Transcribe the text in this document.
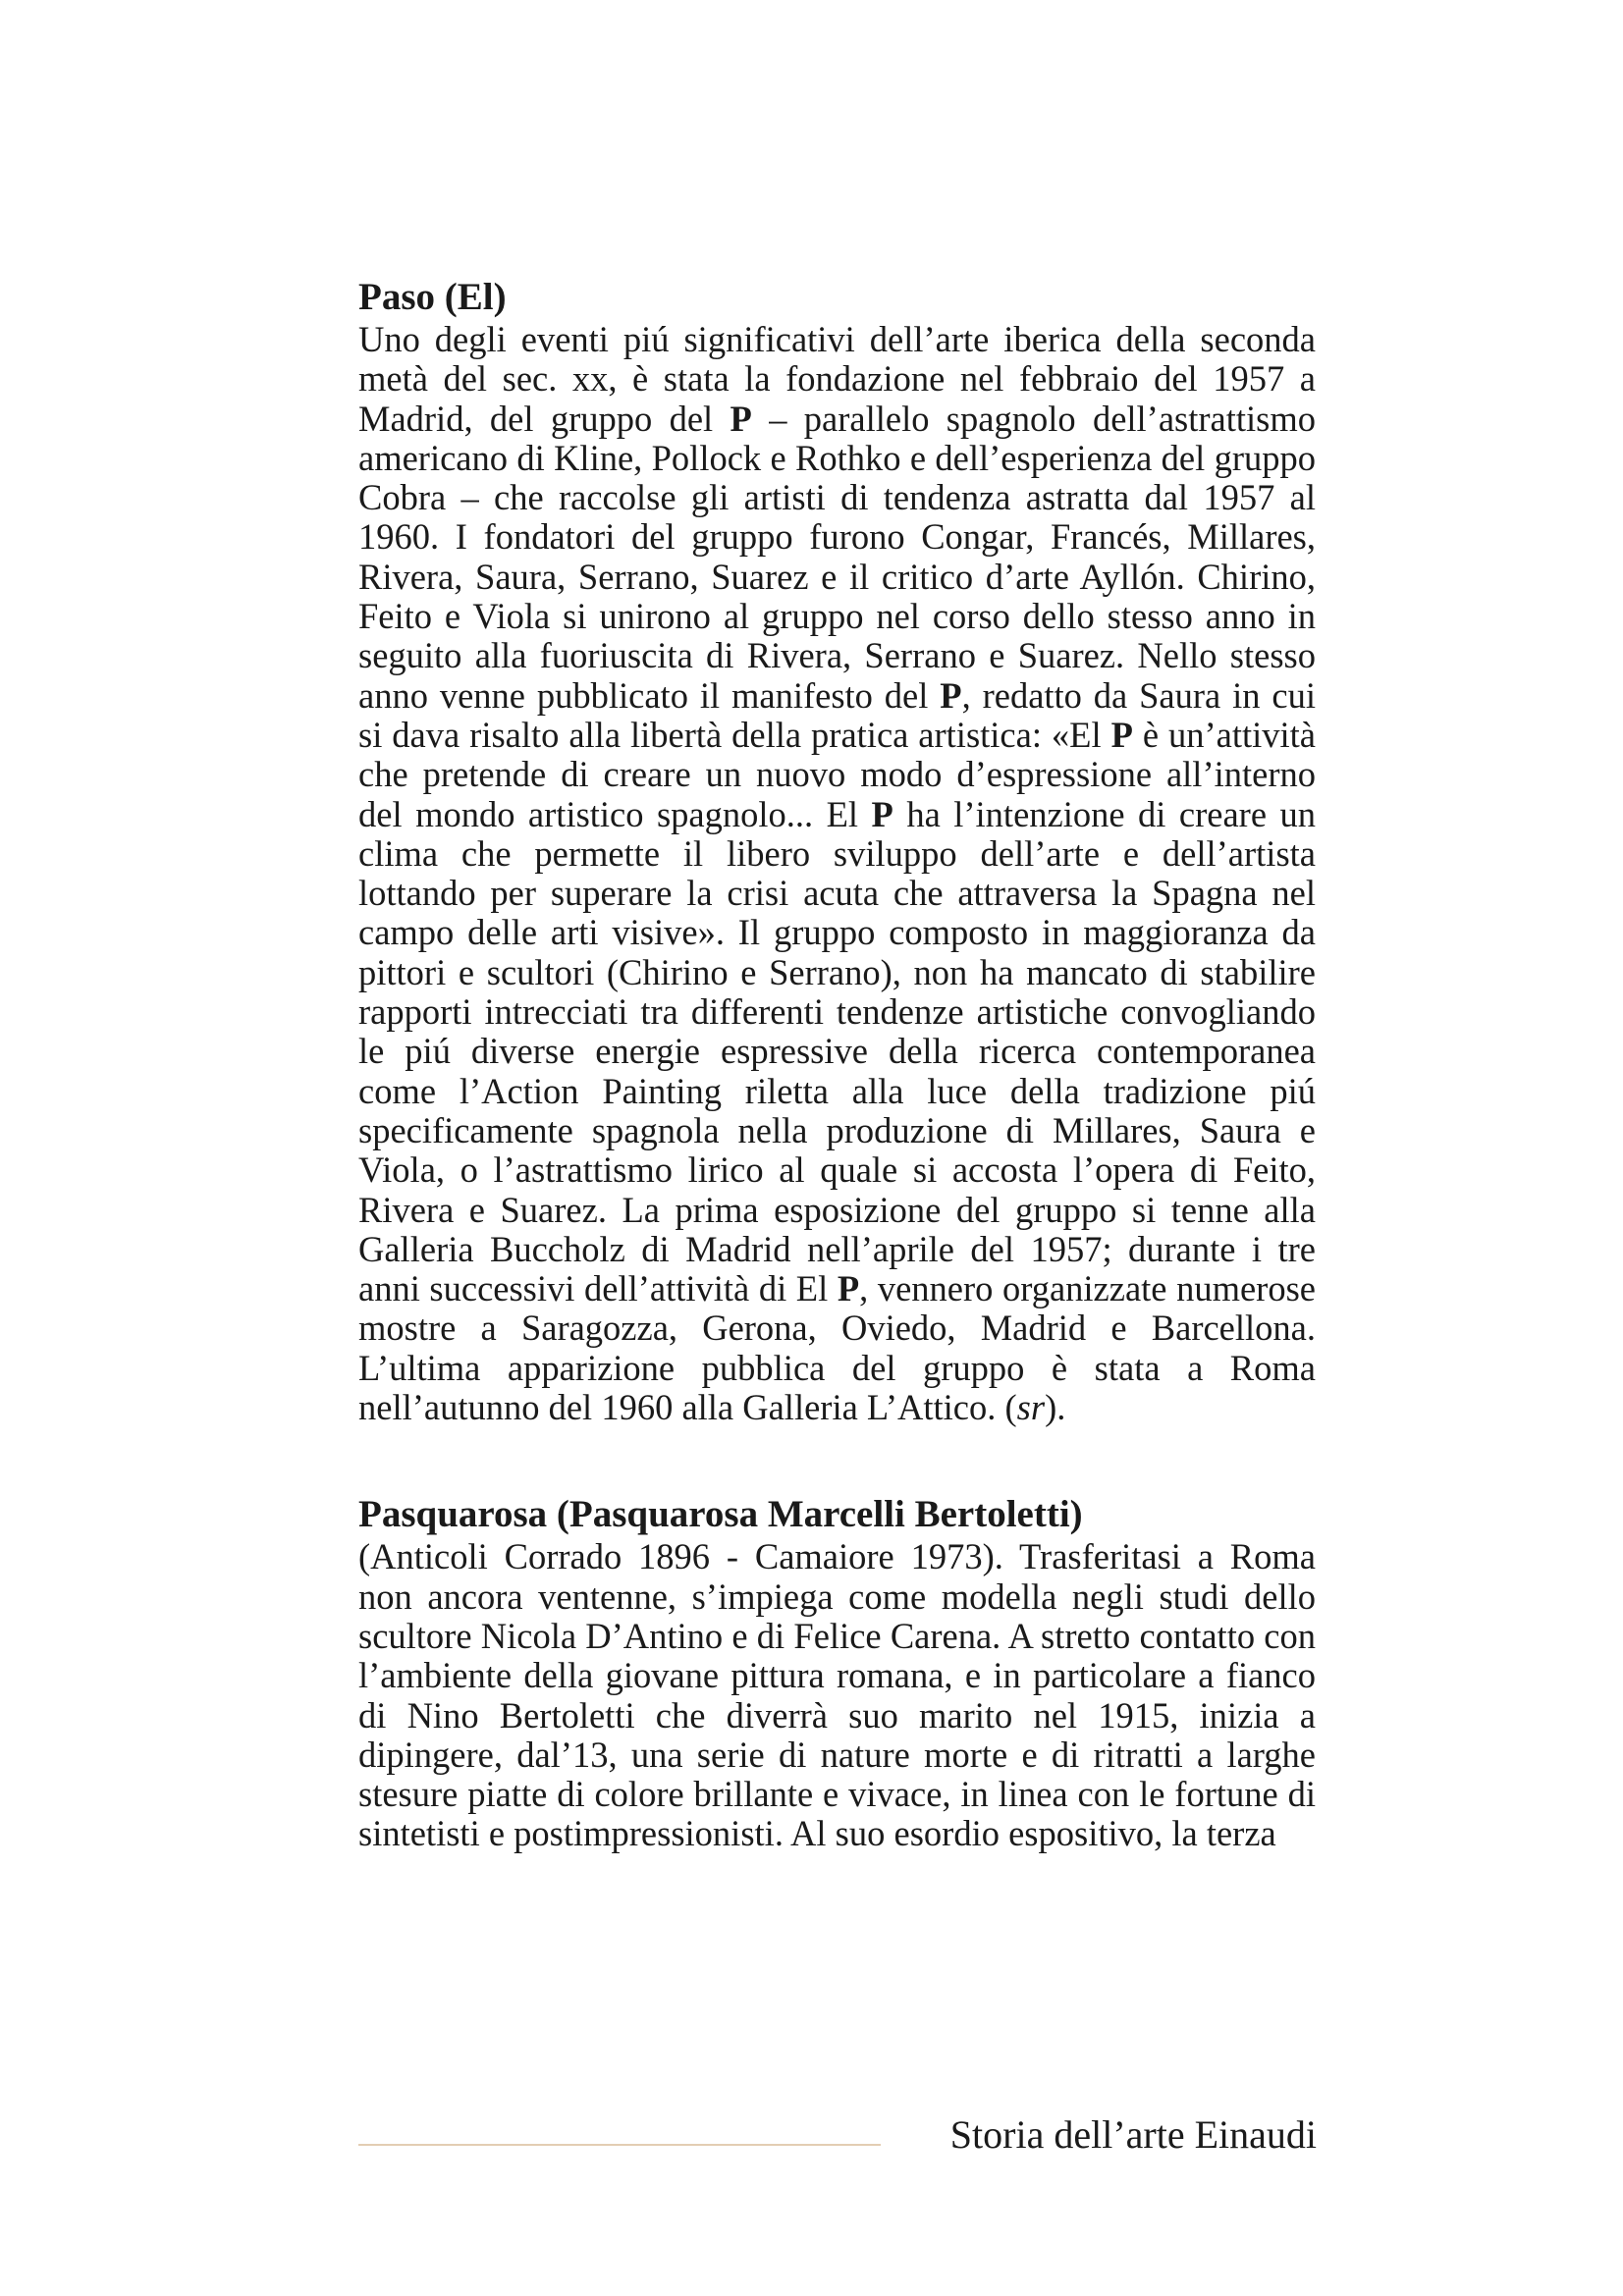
Paso (El)

Uno degli eventi piú significativi dell’arte iberica della seconda metà del sec. xx, è stata la fondazione nel febbraio del 1957 a Madrid, del gruppo del P – parallelo spagnolo dell’astrattismo americano di Kline, Pollock e Rothko e dell’esperienza del gruppo Cobra – che raccolse gli artisti di tendenza astratta dal 1957 al 1960. I fondatori del gruppo furono Congar, Francés, Millares, Rivera, Saura, Serrano, Suarez e il critico d’arte Ayllón. Chirino, Feito e Viola si unirono al gruppo nel corso dello stesso anno in seguito alla fuoriuscita di Rivera, Serrano e Suarez. Nello stesso anno venne pubblicato il manifesto del P, redatto da Saura in cui si dava risalto alla libertà della pratica artistica: «El P è un’attività che pretende di creare un nuovo modo d’espressione all’interno del mondo artistico spagnolo... El P ha l’intenzione di creare un clima che permette il libero sviluppo dell’arte e dell’artista lottando per superare la crisi acuta che attraversa la Spagna nel campo delle arti visive». Il gruppo composto in maggioranza da pittori e scultori (Chirino e Serrano), non ha mancato di stabilire rapporti intrecciati tra differenti tendenze artistiche convogliando le piú diverse energie espressive della ricerca contemporanea come l’Action Painting riletta alla luce della tradizione piú specificamente spagnola nella produzione di Millares, Saura e Viola, o l’astrattismo lirico al quale si accosta l’opera di Feito, Rivera e Suarez. La prima esposizione del gruppo si tenne alla Galleria Buccholz di Madrid nell’aprile del 1957; durante i tre anni successivi dell’attività di El P, vennero organizzate numerose mostre a Saragozza, Gerona, Oviedo, Madrid e Barcellona. L’ultima apparizione pubblica del gruppo è stata a Roma nell’autunno del 1960 alla Galleria L’Attico. (sr).

Pasquarosa (Pasquarosa Marcelli Bertoletti)

(Anticoli Corrado 1896 - Camaiore 1973). Trasferitasi a Roma non ancora ventenne, s’impiega come modella negli studi dello scultore Nicola D’Antino e di Felice Carena. A stretto contatto con l’ambiente della giovane pittura romana, e in particolare a fianco di Nino Bertoletti che diverrà suo marito nel 1915, inizia a dipingere, dal’13, una serie di nature morte e di ritratti a larghe stesure piatte di colore brillante e vivace, in linea con le fortune di sintetisti e postimpressionisti. Al suo esordio espositivo, la terza

Storia dell’arte Einaudi
